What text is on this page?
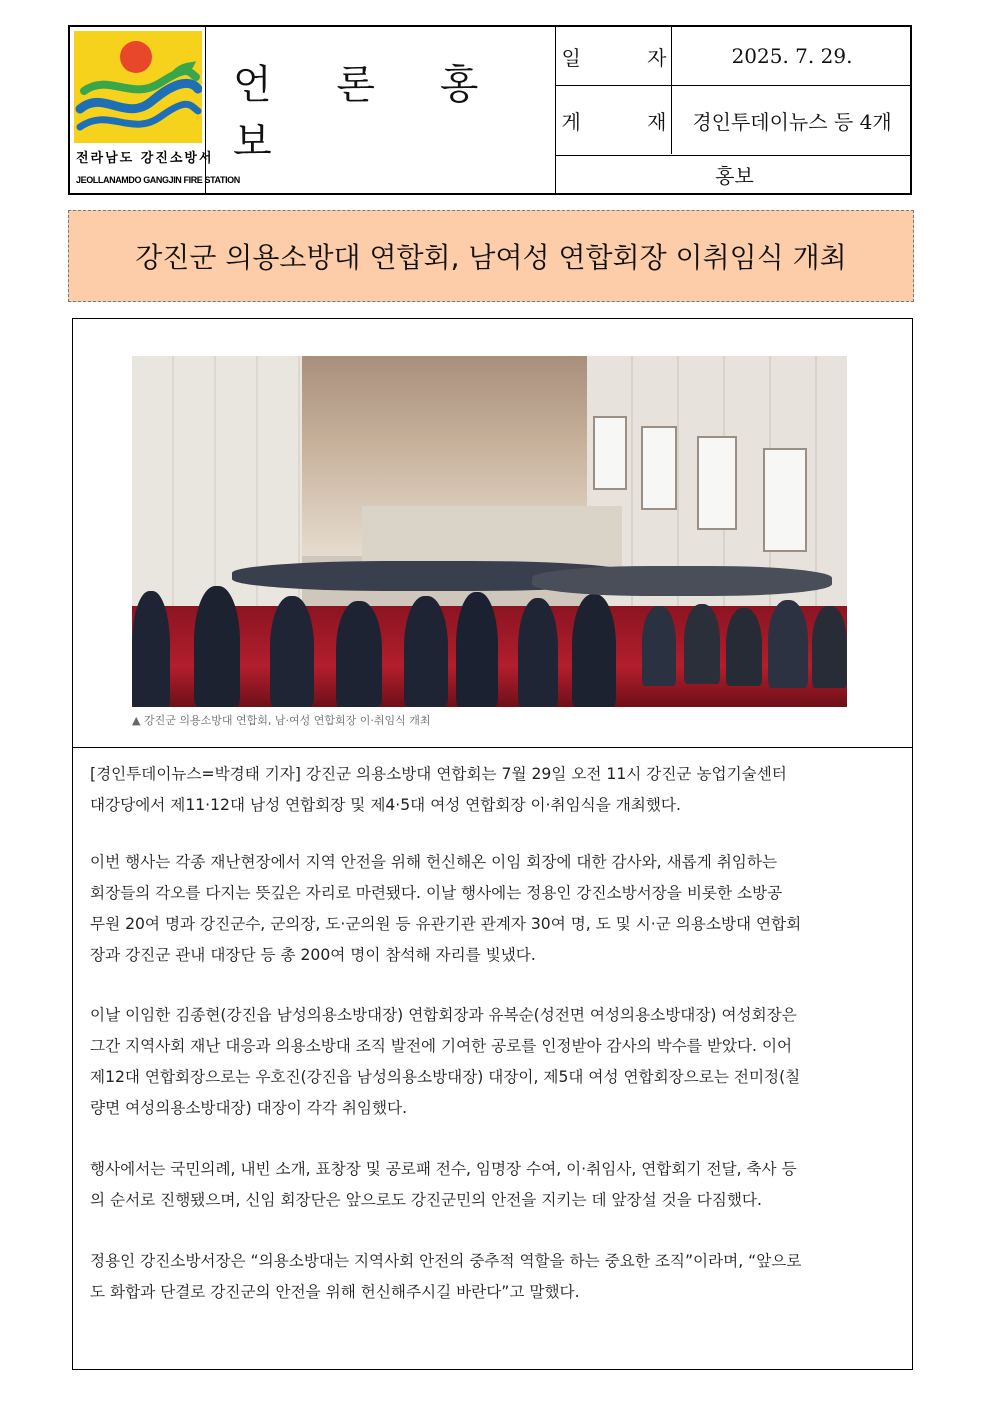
전라남도 강진소방서
JEOLLANAMDO GANGJIN FIRE STATION
언 론 홍 보
일 자	2025. 7. 29.
게 재
경인투데이뉴스 등 4개
홍보
강진군 의용소방대 연합회, 남여성 연합회장 이취임식 개최
▲ 강진군 의용소방대 연합회, 남·여성 연합회장 이·취임식 개최

[경인투데이뉴스=박경태 기자] 강진군 의용소방대 연합회는 7월 29일 오전 11시 강진군 농업기술센터
대강당에서 제11·12대 남성 연합회장 및 제4·5대 여성 연합회장 이·취임식을 개최했다.

이번 행사는 각종 재난현장에서 지역 안전을 위해 헌신해온 이임 회장에 대한 감사와, 새롭게 취임하는
회장들의 각오를 다지는 뜻깊은 자리로 마련됐다. 이날 행사에는 정용인 강진소방서장을 비롯한 소방공
무원 20여 명과 강진군수, 군의장, 도·군의원 등 유관기관 관계자 30여 명, 도 및 시·군 의용소방대 연합회
장과 강진군 관내 대장단 등 총 200여 명이 참석해 자리를 빛냈다.

이날 이임한 김종현(강진읍 남성의용소방대장) 연합회장과 유복순(성전면 여성의용소방대장) 여성회장은
그간 지역사회 재난 대응과 의용소방대 조직 발전에 기여한 공로를 인정받아 감사의 박수를 받았다. 이어
제12대 연합회장으로는 우호진(강진읍 남성의용소방대장) 대장이, 제5대 여성 연합회장으로는 전미정(칠
량면 여성의용소방대장) 대장이 각각 취임했다.

행사에서는 국민의례, 내빈 소개, 표창장 및 공로패 전수, 임명장 수여, 이·취임사, 연합회기 전달, 축사 등
의 순서로 진행됐으며, 신임 회장단은 앞으로도 강진군민의 안전을 지키는 데 앞장설 것을 다짐했다.

정용인 강진소방서장은 “의용소방대는 지역사회 안전의 중추적 역할을 하는 중요한 조직”이라며, “앞으로
도 화합과 단결로 강진군의 안전을 위해 헌신해주시길 바란다”고 말했다.
